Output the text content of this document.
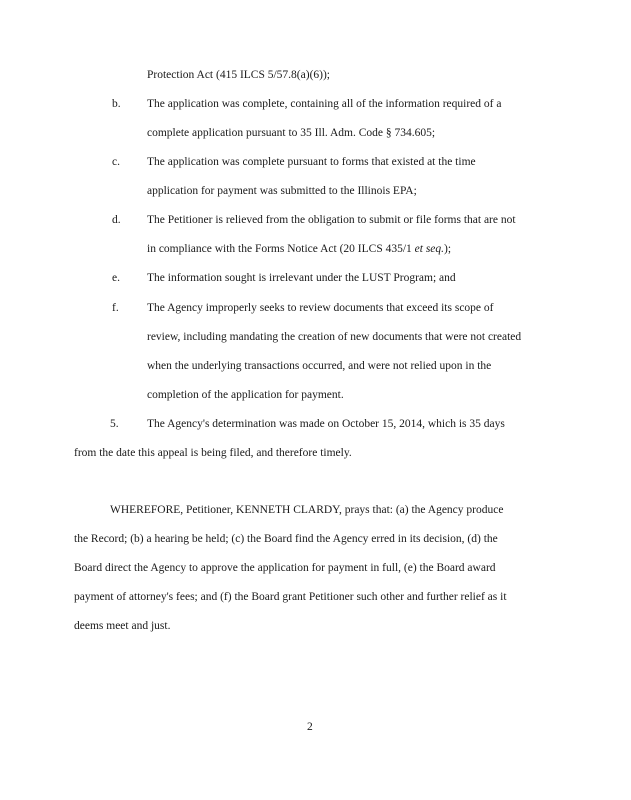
Protection Act (415 ILCS 5/57.8(a)(6));
b. The application was complete, containing all of the information required of a
complete application pursuant to 35 Ill. Adm. Code § 734.605;
c. The application was complete pursuant to forms that existed at the time
application for payment was submitted to the Illinois EPA;
d. The Petitioner is relieved from the obligation to submit or file forms that are not
in compliance with the Forms Notice Act (20 ILCS 435/1 et seq.);
e. The information sought is irrelevant under the LUST Program; and
f. The Agency improperly seeks to review documents that exceed its scope of
review, including mandating the creation of new documents that were not created
when the underlying transactions occurred, and were not relied upon in the
completion of the application for payment.
5. The Agency's determination was made on October 15, 2014, which is 35 days
from the date this appeal is being filed, and therefore timely.
WHEREFORE, Petitioner, KENNETH CLARDY, prays that: (a) the Agency produce
the Record; (b) a hearing be held; (c) the Board find the Agency erred in its decision, (d) the
Board direct the Agency to approve the application for payment in full, (e) the Board award
payment of attorney's fees; and (f) the Board grant Petitioner such other and further relief as it
deems meet and just.
2
